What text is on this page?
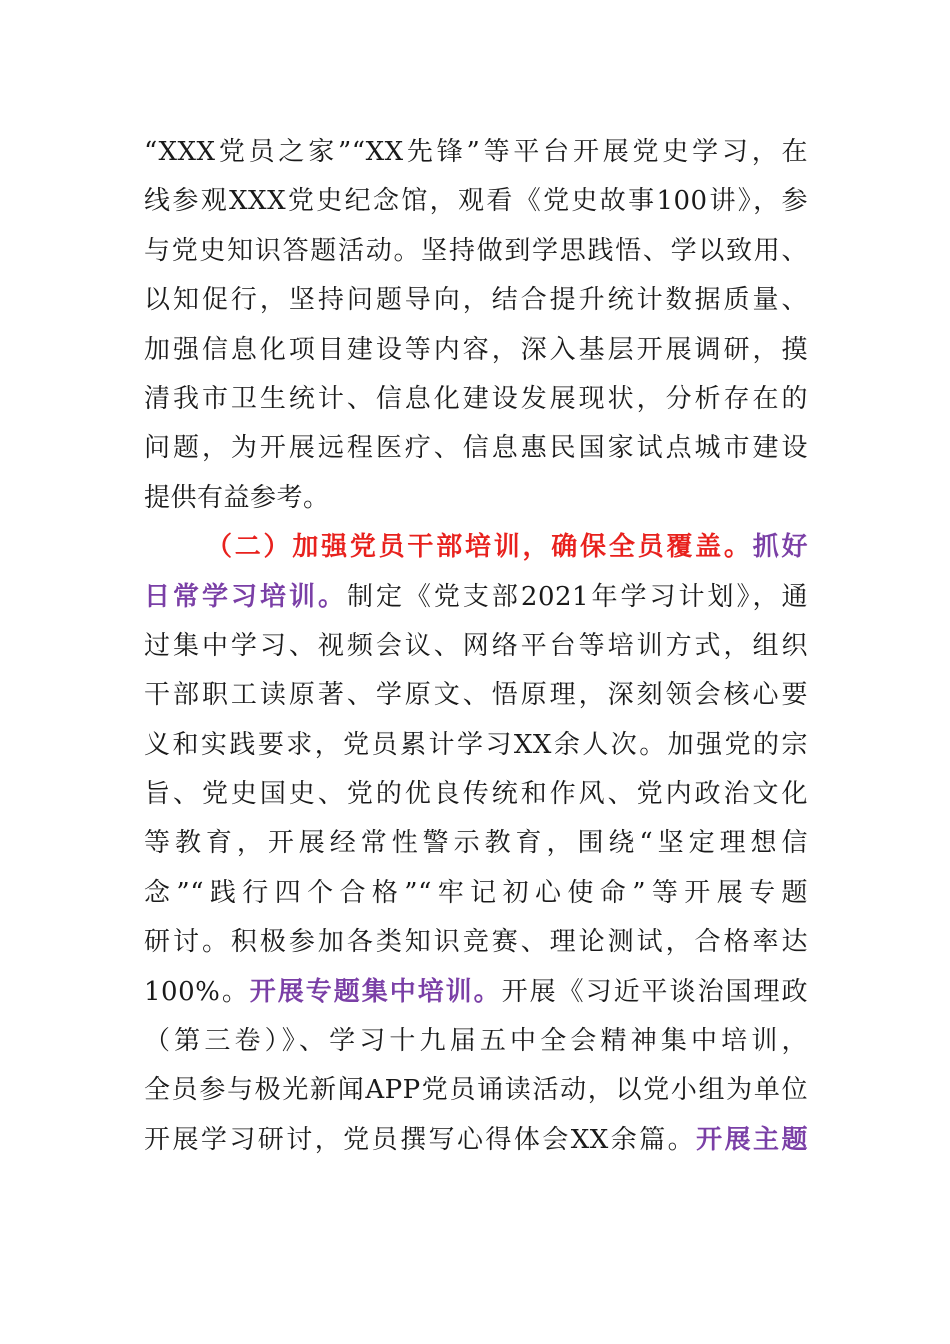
“XXX党员之家”“XX先锋”等平台开展党史学习，在
线参观XXX党史纪念馆，观看《党史故事100讲》，参
与党史知识答题活动。坚持做到学思践悟、学以致用、
以知促行，坚持问题导向，结合提升统计数据质量、
加强信息化项目建设等内容，深入基层开展调研，摸
清我市卫生统计、信息化建设发展现状，分析存在的
问题，为开展远程医疗、信息惠民国家试点城市建设
提供有益参考。
（二）加强党员干部培训，确保全员覆盖。抓好
日常学习培训。制定《党支部2021年学习计划》，通
过集中学习、视频会议、网络平台等培训方式，组织
干部职工读原著、学原文、悟原理，深刻领会核心要
义和实践要求，党员累计学习XX余人次。加强党的宗
旨、党史国史、党的优良传统和作风、党内政治文化
等教育，开展经常性警示教育，围绕“坚定理想信
念”“践行四个合格”“牢记初心使命”等开展专题
研讨。积极参加各类知识竞赛、理论测试，合格率达
100%。开展专题集中培训。开展《习近平谈治国理政
（第三卷）》、学习十九届五中全会精神集中培训，
全员参与极光新闻APP党员诵读活动，以党小组为单位
开展学习研讨，党员撰写心得体会XX余篇。开展主题
